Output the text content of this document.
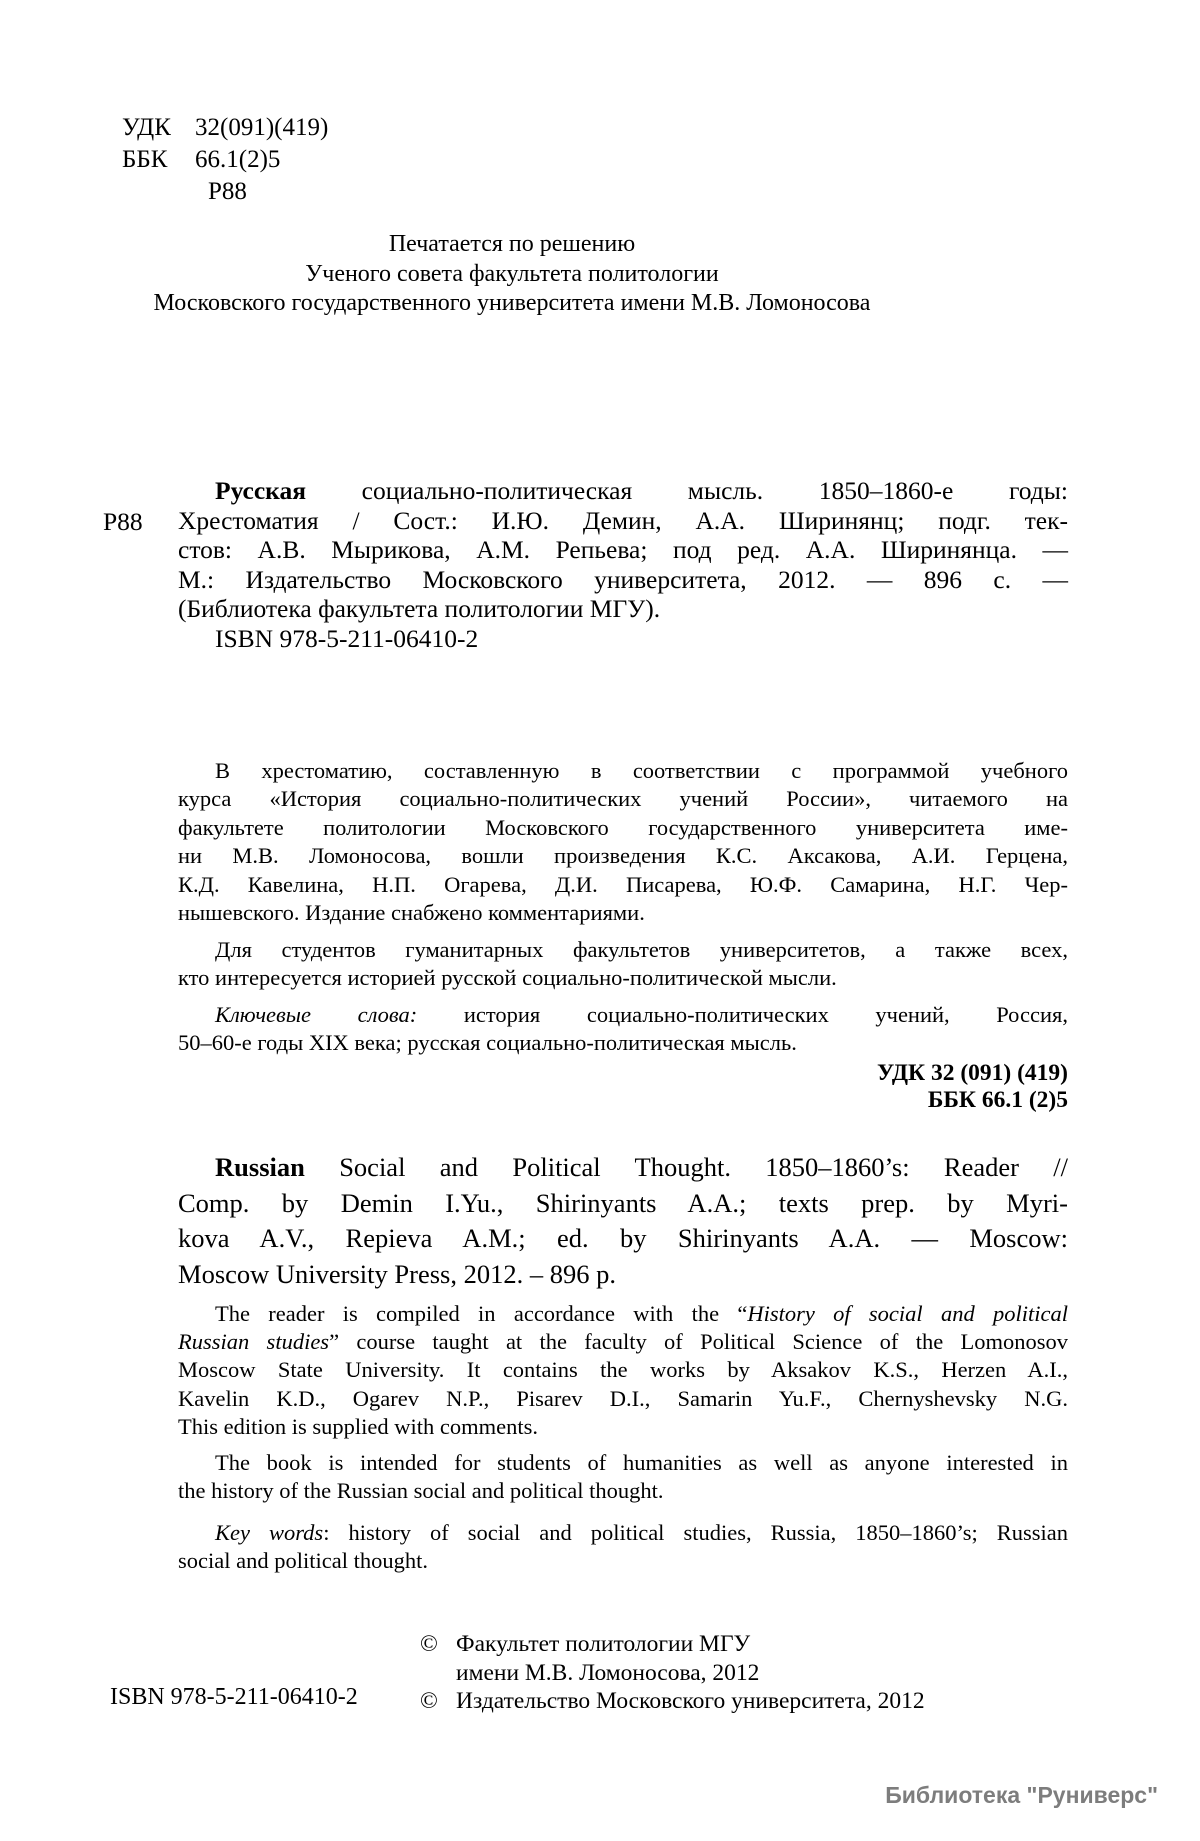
УДК 32(091)(419)
ББК 66.1(2)5
Р88
Печатается по решению
Ученого совета факультета политологии
Московского государственного университета имени М.В. Ломоносова
Р88
Русская социально-политическая мысль. 1850–1860-е годы:
Хрестоматия / Сост.: И.Ю. Демин, А.А. Ширинянц; подг. тек-
стов: А.В. Мырикова, А.М. Репьева; под ред. А.А. Ширинянца. —
М.: Издательство Московского университета, 2012. — 896 с. —
(Библиотека факультета политологии МГУ).
ISBN 978-5-211-06410-2
В хрестоматию, составленную в соответствии с программой учебного
курса «История социально-политических учений России», читаемого на
факультете политологии Московского государственного университета име-
ни М.В. Ломоносова, вошли произведения К.С. Аксакова, А.И. Герцена,
К.Д. Кавелина, Н.П. Огарева, Д.И. Писарева, Ю.Ф. Самарина, Н.Г. Чер-
нышевского. Издание снабжено комментариями.
Для студентов гуманитарных факультетов университетов, а также всех,
кто интересуется историей русской социально-политической мысли.
Ключевые слова: история социально-политических учений, Россия,
50–60-е годы XIX века; русская социально-политическая мысль.
УДК 32 (091) (419)
ББК 66.1 (2)5
Russian Social and Political Thought. 1850–1860’s: Reader //
Comp. by Demin I.Yu., Shirinyants A.A.; texts prep. by Myri-
kova A.V., Repieva A.M.; ed. by Shirinyants A.A. — Moscow:
Moscow University Press, 2012. – 896 p.
The reader is compiled in accordance with the “History of social and political
Russian studies” course taught at the faculty of Political Science of the Lomonosov
Moscow State University. It contains the works by Aksakov K.S., Herzen A.I.,
Kavelin K.D., Ogarev N.P., Pisarev D.I., Samarin Yu.F., Chernyshevsky N.G.
This edition is supplied with comments.
The book is intended for students of humanities as well as anyone interested in
the history of the Russian social and political thought.
Key words: history of social and political studies, Russia, 1850–1860’s; Russian
social and political thought.
ISBN 978-5-211-06410-2
© Факультет политологии МГУ
имени М.В. Ломоносова, 2012
© Издательство Московского университета, 2012
Библиотека "Руниверс"
